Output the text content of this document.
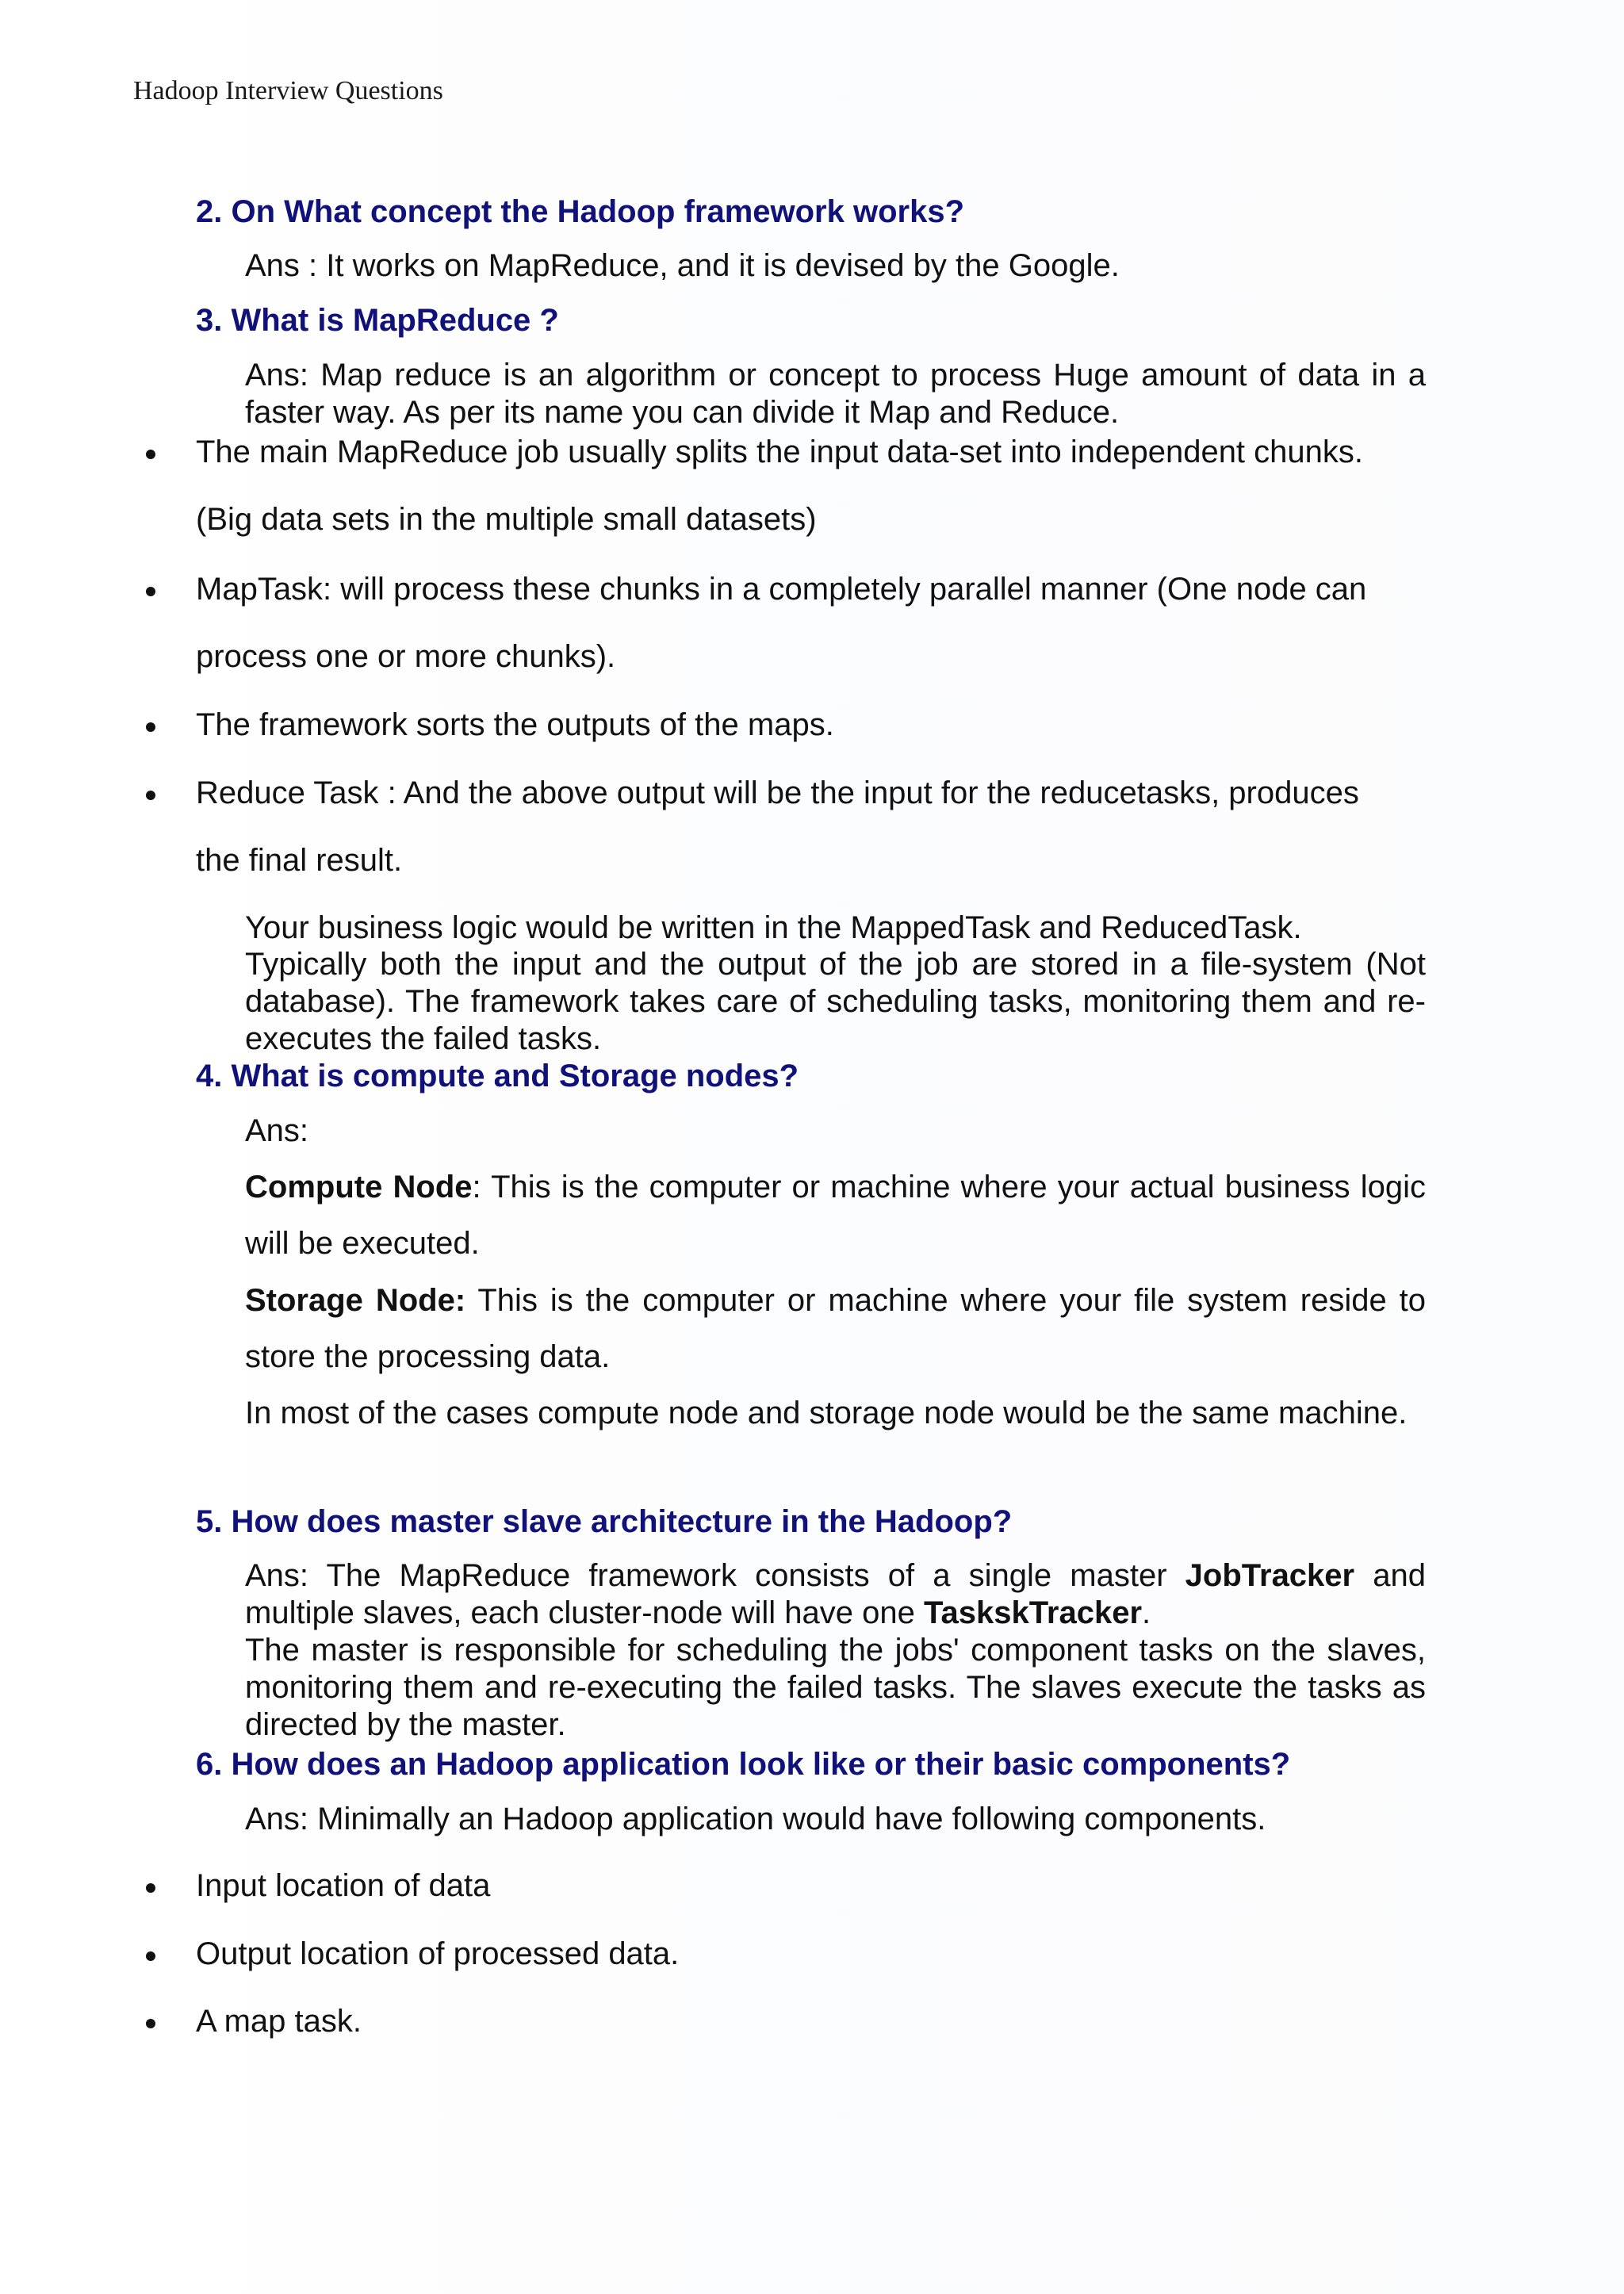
Hadoop Interview Questions
2. On What concept the Hadoop framework works?
Ans : It works on MapReduce, and it is devised by the Google.
3. What is MapReduce ?
Ans: Map reduce is an algorithm or concept to process Huge amount of data in a faster way. As per its name you can divide it Map and Reduce.
The main MapReduce job usually splits the input data-set into independent chunks.
(Big data sets in the multiple small datasets)
MapTask: will process these chunks in a completely parallel manner (One node can
process one or more chunks).
The framework sorts the outputs of the maps.
Reduce Task : And the above output will be the input for the reducetasks, produces
the final result.
Your business logic would be written in the MappedTask and ReducedTask.
Typically both the input and the output of the job are stored in a file-system (Not database). The framework takes care of scheduling tasks, monitoring them and re-executes the failed tasks.
4. What is compute and Storage nodes?
Ans:
Compute Node: This is the computer or machine where your actual business logic will be executed.
Storage Node: This is the computer or machine where your file system reside to store the processing data.
In most of the cases compute node and storage node would be the same machine.
5. How does master slave architecture in the Hadoop?
Ans: The MapReduce framework consists of a single master JobTracker and multiple slaves, each cluster-node will have one TaskskTracker.
The master is responsible for scheduling the jobs' component tasks on the slaves, monitoring them and re-executing the failed tasks. The slaves execute the tasks as directed by the master.
6. How does an Hadoop application look like or their basic components?
Ans: Minimally an Hadoop application would have following components.
Input location of data
Output location of processed data.
A map task.
